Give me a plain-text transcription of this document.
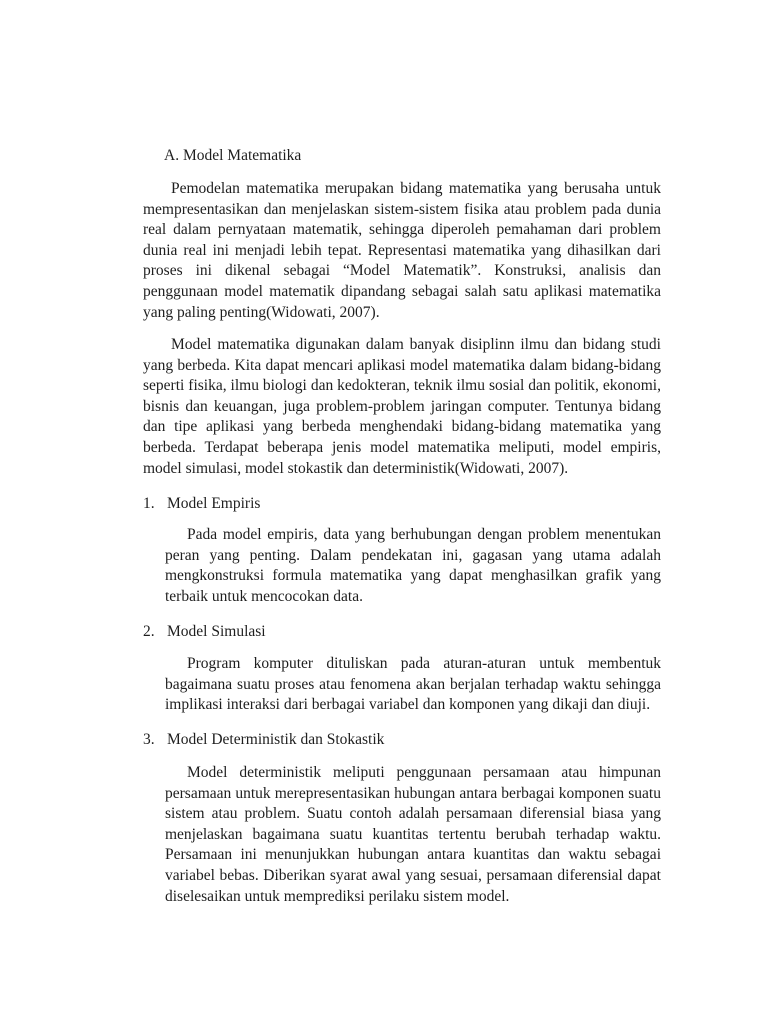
A. Model Matematika

Pemodelan matematika merupakan bidang matematika yang berusaha untuk mempresentasikan dan menjelaskan sistem-sistem fisika atau problem pada dunia real dalam pernyataan matematik, sehingga diperoleh pemahaman dari problem dunia real ini menjadi lebih tepat. Representasi matematika yang dihasilkan dari proses ini dikenal sebagai “Model Matematik”. Konstruksi, analisis dan penggunaan model matematik dipandang sebagai salah satu aplikasi matematika yang paling penting(Widowati, 2007).

Model matematika digunakan dalam banyak disiplinn ilmu dan bidang studi yang berbeda. Kita dapat mencari aplikasi model matematika dalam bidang-bidang seperti fisika, ilmu biologi dan kedokteran, teknik ilmu sosial dan politik, ekonomi, bisnis dan keuangan, juga problem-problem jaringan computer. Tentunya bidang dan tipe aplikasi yang berbeda menghendaki bidang-bidang matematika yang berbeda. Terdapat beberapa jenis model matematika meliputi, model empiris, model simulasi, model stokastik dan deterministik(Widowati, 2007).

1. Model Empiris

Pada model empiris, data yang berhubungan dengan problem menentukan peran yang penting. Dalam pendekatan ini, gagasan yang utama adalah mengkonstruksi formula matematika yang dapat menghasilkan grafik yang terbaik untuk mencocokan data.

2. Model Simulasi

Program komputer dituliskan pada aturan-aturan untuk membentuk bagaimana suatu proses atau fenomena akan berjalan terhadap waktu sehingga implikasi interaksi dari berbagai variabel dan komponen yang dikaji dan diuji.

3. Model Deterministik dan Stokastik

Model deterministik meliputi penggunaan persamaan atau himpunan persamaan untuk merepresentasikan hubungan antara berbagai komponen suatu sistem atau problem. Suatu contoh adalah persamaan diferensial biasa yang menjelaskan bagaimana suatu kuantitas tertentu berubah terhadap waktu. Persamaan ini menunjukkan hubungan antara kuantitas dan waktu sebagai variabel bebas. Diberikan syarat awal yang sesuai, persamaan diferensial dapat diselesaikan untuk memprediksi perilaku sistem model.
